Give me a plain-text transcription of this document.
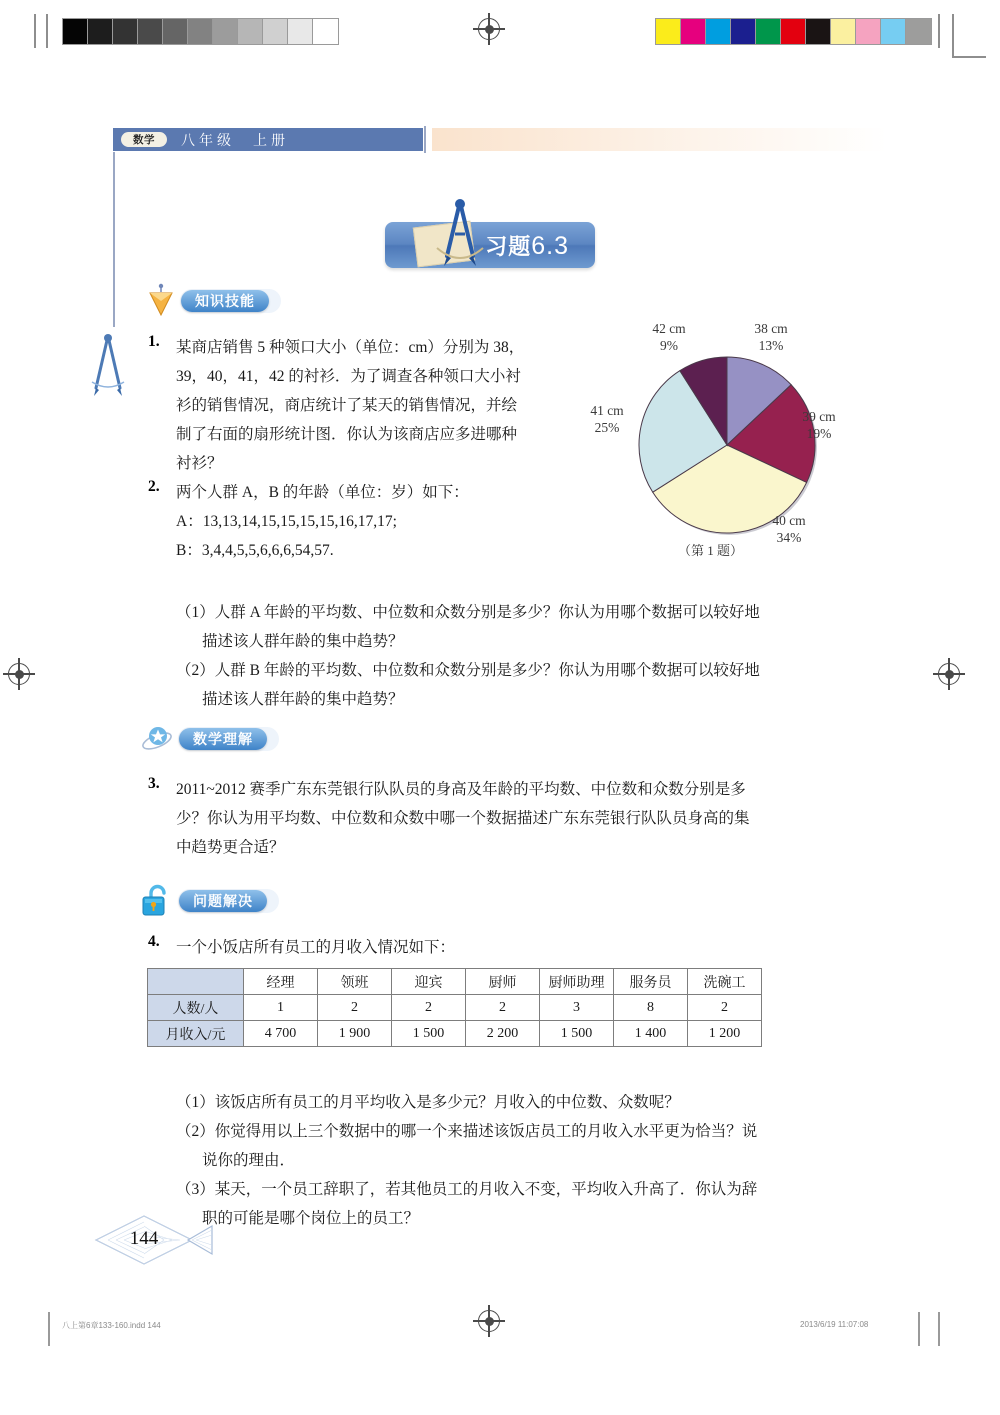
数学	八年级　上册
习题6.3
知识技能
1. 某商店销售 5 种领口大小（单位：cm）分别为 38，
39，40，41，42 的衬衫．为了调查各种领口大小衬
衫的销售情况，商店统计了某天的销售情况，并绘
制了右面的扇形统计图．你认为该商店应多进哪种
衬衫？
42 cm
9%
38 cm
13%
39 cm
19%
40 cm
34%
41 cm
25%
（第 1 题）
2. 两个人群 A，B 的年龄（单位：岁）如下：
A：13,13,14,15,15,15,15,16,17,17;
B：3,4,4,5,5,6,6,6,54,57.
（1）人群 A 年龄的平均数、中位数和众数分别是多少？你认为用哪个数据可以较好地
描述该人群年龄的集中趋势？
（2）人群 B 年龄的平均数、中位数和众数分别是多少？你认为用哪个数据可以较好地
描述该人群年龄的集中趋势？
数学理解
3. 2011~2012 赛季广东东莞银行队队员的身高及年龄的平均数、中位数和众数分别是多
少？你认为用平均数、中位数和众数中哪一个数据描述广东东莞银行队队员身高的集
中趋势更合适？
问题解决
4. 一个小饭店所有员工的月收入情况如下：
	经理	领班	迎宾	厨师	厨师助理	服务员	洗碗工
人数/人	1	2	2	2	3	8	2
月收入/元	4 700	1 900	1 500	2 200	1 500	1 400	1 200
（1）该饭店所有员工的月平均收入是多少元？月收入的中位数、众数呢？
（2）你觉得用以上三个数据中的哪一个来描述该饭店员工的月收入水平更为恰当？说
说你的理由．
（3）某天，一个员工辞职了，若其他员工的月收入不变，平均收入升高了．你认为辞
职的可能是哪个岗位上的员工？
144
八上第6章133-160.indd 144	2013/6/19 11:07:08
